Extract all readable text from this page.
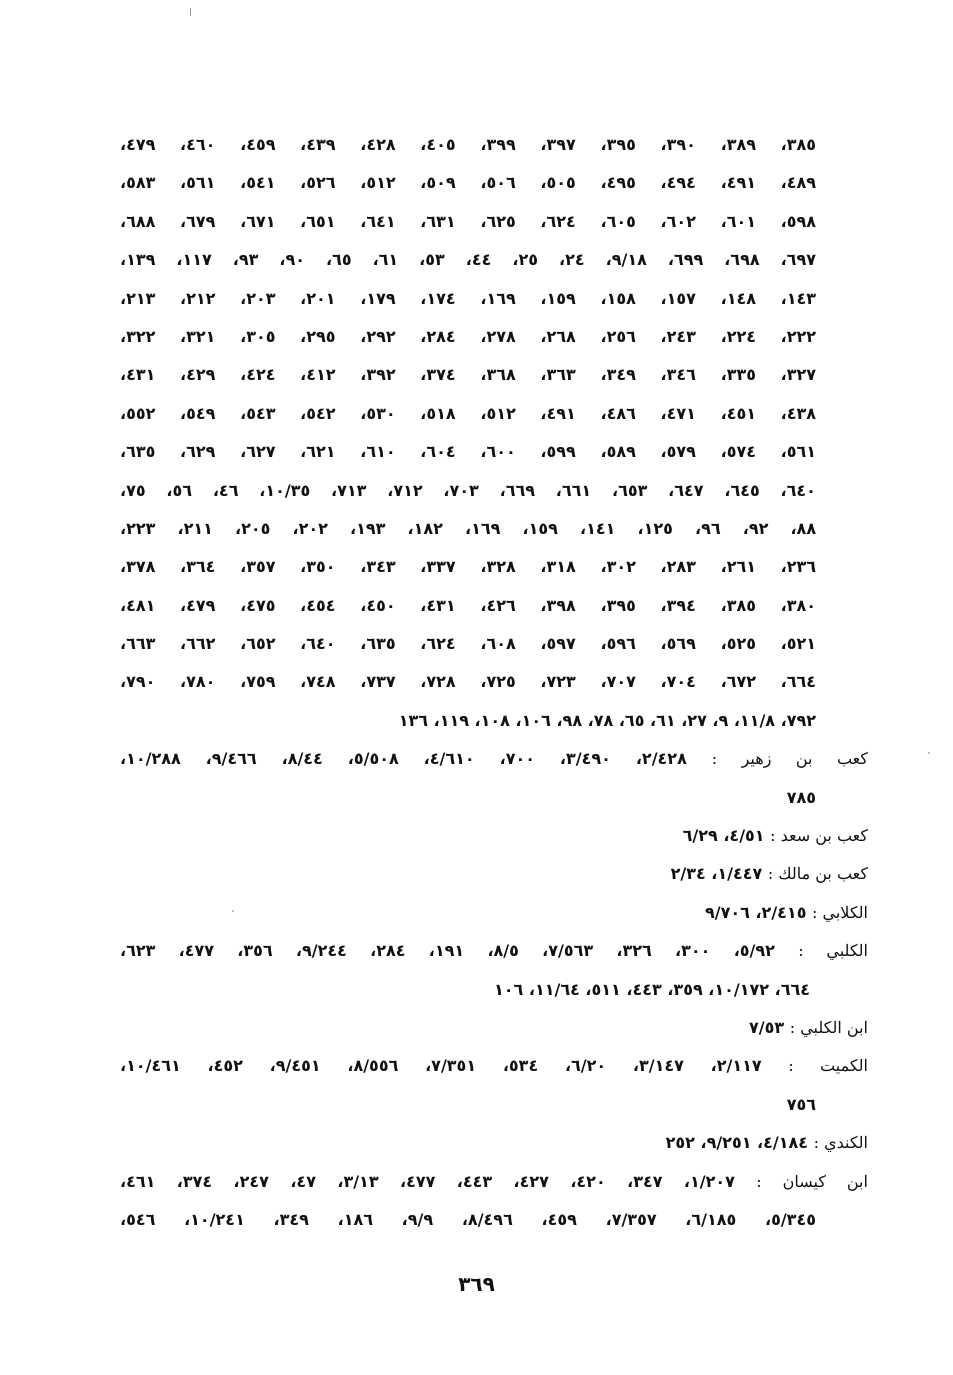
٣٨٥، ٣٨٩، ٣٩٠، ٣٩٥، ٣٩٧، ٣٩٩، ٤٠٥، ٤٢٨، ٤٣٩، ٤٥٩، ٤٦٠، ٤٧٩،
٤٨٩، ٤٩١، ٤٩٤، ٤٩٥، ٥٠٥، ٥٠٦، ٥٠٩، ٥١٢، ٥٢٦، ٥٤١، ٥٦١، ٥٨٣،
٥٩٨، ٦٠١، ٦٠٢، ٦٠٥، ٦٢٤، ٦٢٥، ٦٣١، ٦٤١، ٦٥١، ٦٧١، ٦٧٩، ٦٨٨،
٦٩٧، ٦٩٨، ٦٩٩، ٩/١٨، ٢٤، ٢٥، ٤٤، ٥٣، ٦١، ٦٥، ٩٠، ٩٣، ١١٧، ١٣٩،
١٤٣، ١٤٨، ١٥٧، ١٥٨، ١٥٩، ١٦٩، ١٧٤، ١٧٩، ٢٠١، ٢٠٣، ٢١٢، ٢١٣،
٢٢٢، ٢٢٤، ٢٤٣، ٢٥٦، ٢٦٨، ٢٧٨، ٢٨٤، ٢٩٢، ٢٩٥، ٣٠٥، ٣٢١، ٣٢٢،
٣٢٧، ٣٣٥، ٣٤٦، ٣٤٩، ٣٦٣، ٣٦٨، ٣٧٤، ٣٩٢، ٤١٢، ٤٢٤، ٤٢٩، ٤٣١،
٤٣٨، ٤٥١، ٤٧١، ٤٨٦، ٤٩١، ٥١٢، ٥١٨، ٥٣٠، ٥٤٢، ٥٤٣، ٥٤٩، ٥٥٢،
٥٦١، ٥٧٤، ٥٧٩، ٥٨٩، ٥٩٩، ٦٠٠، ٦٠٤، ٦١٠، ٦٢١، ٦٢٧، ٦٢٩، ٦٣٥،
٦٤٠، ٦٤٥، ٦٤٧، ٦٥٣، ٦٦١، ٦٦٩، ٧٠٣، ٧١٢، ٧١٣، ١٠/٣٥، ٤٦، ٥٦، ٧٥،
٨٨، ٩٢، ٩٦، ١٢٥، ١٤١، ١٥٩، ١٦٩، ١٨٢، ١٩٣، ٢٠٢، ٢٠٥، ٢١١، ٢٢٣،
٢٣٦، ٢٦١، ٢٨٣، ٣٠٢، ٣١٨، ٣٢٨، ٣٣٧، ٣٤٣، ٣٥٠، ٣٥٧، ٣٦٤، ٣٧٨،
٣٨٠، ٣٨٥، ٣٩٤، ٣٩٥، ٣٩٨، ٤٢٦، ٤٣١، ٤٥٠، ٤٥٤، ٤٧٥، ٤٧٩، ٤٨١،
٥٢١، ٥٢٥، ٥٦٩، ٥٩٦، ٥٩٧، ٦٠٨، ٦٢٤، ٦٣٥، ٦٤٠، ٦٥٢، ٦٦٢، ٦٦٣،
٦٦٤، ٦٧٢، ٧٠٤، ٧٠٧، ٧٢٣، ٧٢٥، ٧٢٨، ٧٣٧، ٧٤٨، ٧٥٩، ٧٨٠، ٧٩٠،
٧٩٢، ١١/٨، ٩، ٢٧، ٦١، ٦٥، ٧٨، ٩٨، ١٠٦، ١٠٨، ١١٩، ١٣٦
كعب بن زهير : ٢/٤٢٨، ٣/٤٩٠، ٧٠٠، ٤/٦١٠، ٥/٥٠٨، ٨/٤٤، ٩/٤٦٦، ١٠/٢٨٨،
٧٨٥
كعب بن سعد : ٤/٥١، ٦/٢٩
كعب بن مالك : ١/٤٤٧، ٢/٣٤
الكلابي : ٢/٤١٥، ٩/٧٠٦
الكلبي : ٥/٩٢، ٣٠٠، ٣٢٦، ٧/٥٦٣، ٨/٥، ١٩١، ٢٨٤، ٩/٢٤٤، ٣٥٦، ٤٧٧، ٦٢٣،
٦٦٤، ١٠/١٧٢، ٣٥٩، ٤٤٣، ٥١١، ١١/٦٤، ١٠٦
ابن الكلبي : ٧/٥٣
الكميت : ٢/١١٧، ٣/١٤٧، ٦/٢٠، ٥٣٤، ٧/٣٥١، ٨/٥٥٦، ٩/٤٥١، ٤٥٢، ١٠/٤٦١،
٧٥٦
الكندي : ٤/١٨٤، ٩/٢٥١، ٢٥٢
ابن كيسان : ١/٢٠٧، ٣٤٧، ٤٢٠، ٤٢٧، ٤٤٣، ٤٧٧، ٣/١٣، ٤٧، ٢٤٧، ٣٧٤، ٤٦١،
٥/٣٤٥، ٦/١٨٥، ٧/٣٥٧، ٤٥٩، ٨/٤٩٦، ٩/٩، ١٨٦، ٣٤٩، ١٠/٢٤١، ٥٤٦،
٣٦٩
